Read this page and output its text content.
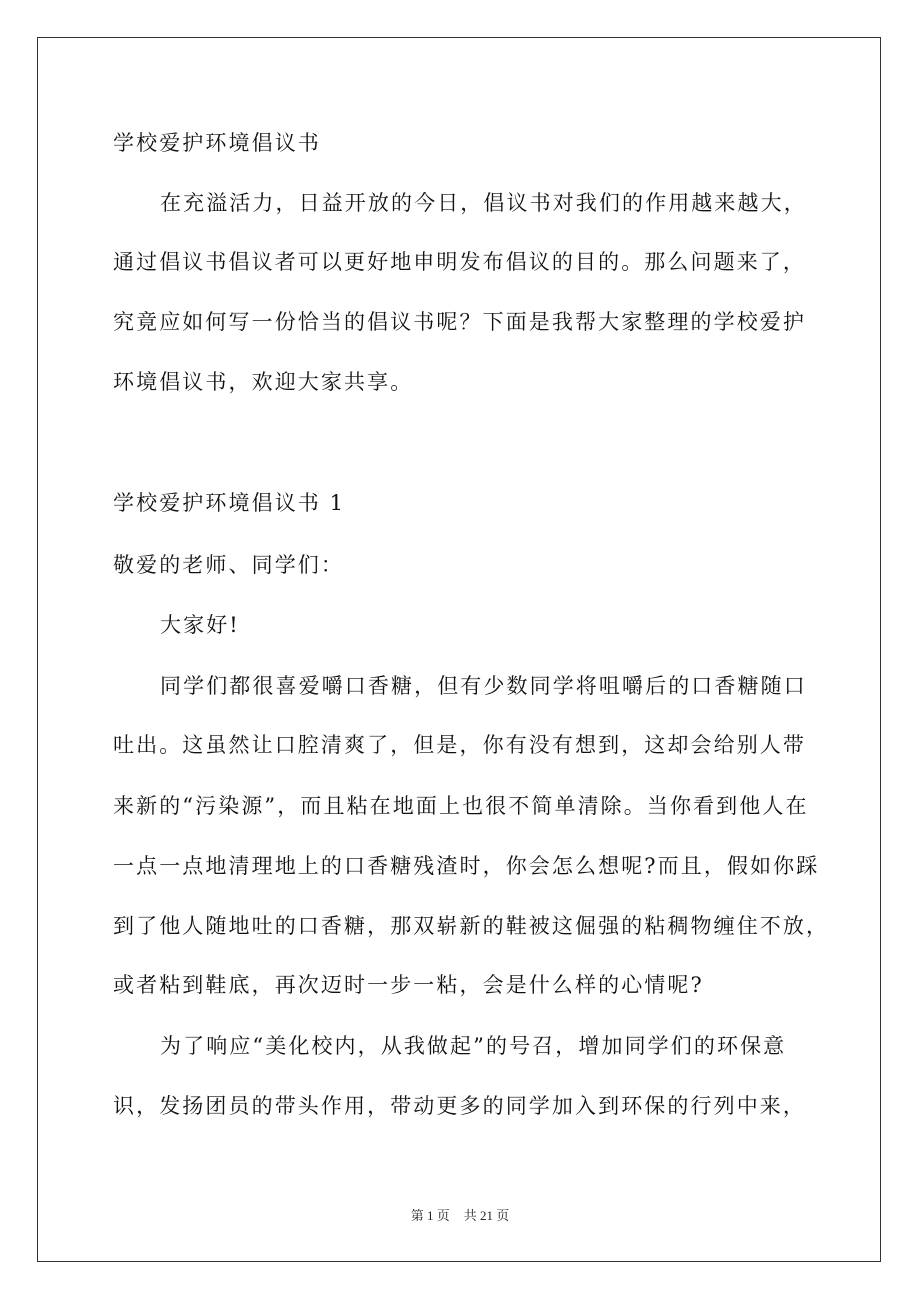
学校爱护环境倡议书
在充溢活力，日益开放的今日，倡议书对我们的作用越来越大，
通过倡议书倡议者可以更好地申明发布倡议的目的。那么问题来了，
究竟应如何写一份恰当的倡议书呢？下面是我帮大家整理的学校爱护
环境倡议书，欢迎大家共享。
学校爱护环境倡议书 1
敬爱的老师、同学们：
大家好!
同学们都很喜爱嚼口香糖，但有少数同学将咀嚼后的口香糖随口
吐出。这虽然让口腔清爽了，但是，你有没有想到，这却会给别人带
来新的“污染源”，而且粘在地面上也很不简单清除。当你看到他人在
一点一点地清理地上的口香糖残渣时，你会怎么想呢?而且，假如你踩
到了他人随地吐的口香糖，那双崭新的鞋被这倔强的粘稠物缠住不放，
或者粘到鞋底，再次迈时一步一粘，会是什么样的心情呢?
为了响应“美化校内，从我做起”的号召，增加同学们的环保意
识，发扬团员的带头作用，带动更多的同学加入到环保的行列中来，
第 1 页 共 21 页
